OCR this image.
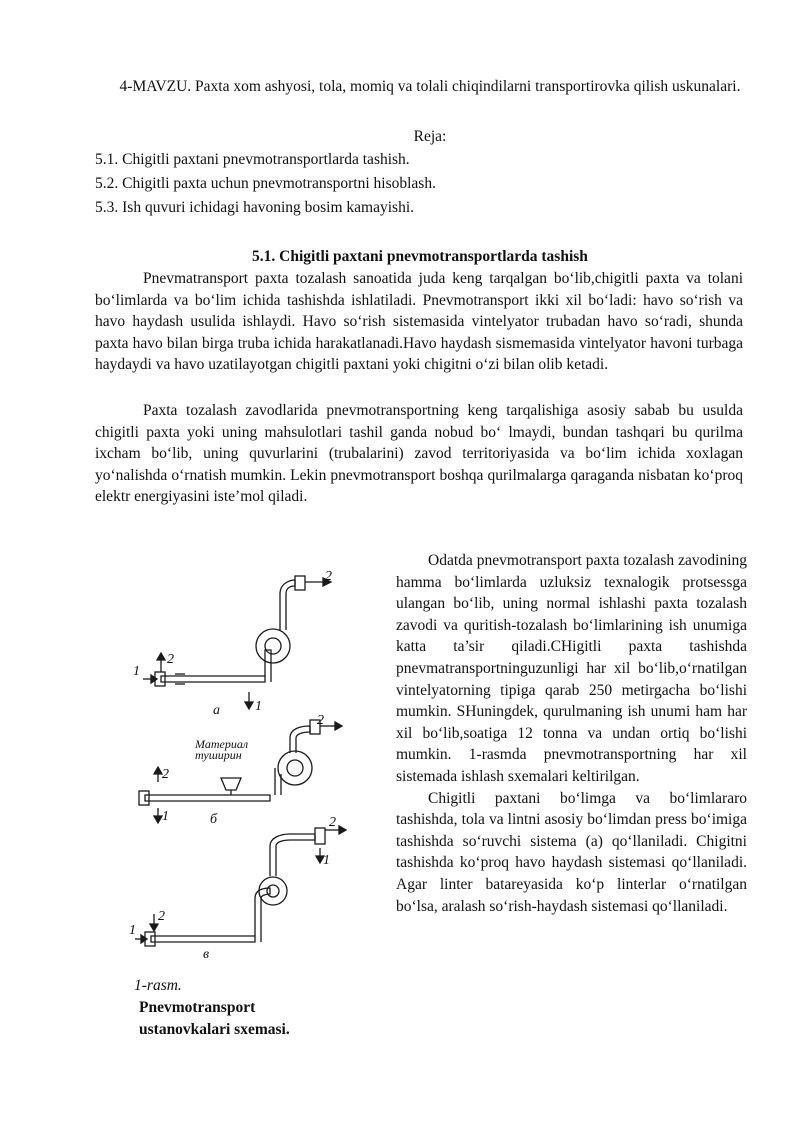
4-MAVZU. Paxta xom ashyosi, tola, momiq va tolali chiqindilarni transportirovka qilish uskunalari.
Reja:
5.1. Chigitli paxtani pnevmotransportlarda tashish.
5.2. Chigitli paxta uchun pnevmotransportni hisoblash.
5.3. Ish quvuri ichidagi havoning bosim kamayishi.
5.1. Chigitli paxtani pnevmotransportlarda tashish
Pnevmatransport paxta tozalash sanoatida juda keng tarqalgan bo‘lib,chigitli paxta va tolani bo‘limlarda va bo‘lim ichida tashishda ishlatiladi. Pnevmotransport ikki xil bo‘ladi: havo so‘rish va havo haydash usulida ishlaydi. Havo so‘rish sistemasida vintelyator trubadan havo so‘radi, shunda paxta havo bilan birga truba ichida harakatlanadi.Havo haydash sismemasida vintelyator havoni turbaga haydaydi va havo uzatilayotgan chigitli paxtani yoki chigitni o‘zi bilan olib ketadi.
Paxta tozalash zavodlarida pnevmotransportning keng tarqalishiga asosiy sabab bu usulda chigitli paxta yoki uning mahsulotlari tashil ganda nobud bo‘ lmaydi, bundan tashqari bu qurilma ixcham bo‘lib, uning quvurlarini (trubalarini) zavod territoriyasida va bo‘lim ichida xoxlagan yo‘nalishda o‘rnatish mumkin. Lekin pnevmotransport boshqa qurilmalarga qaraganda nisbatan ko‘proq elektr energiyasini iste’mol qiladi.

Odatda pnevmotransport paxta tozalash zavodining hamma bo‘limlarda uzluksiz texnalogik protsessga ulangan bo‘lib, uning normal ishlashi paxta tozalash zavodi va quritish-tozalash bo‘limlarining ish unumiga katta ta’sir qiladi.CHigitli paxta tashishda pnevmatransportninguzunligi har xil bo‘lib,o‘rnatilgan vintelyatorning tipiga qarab 250 metirgacha bo‘lishi mumkin. SHuningdek, qurulmaning ish unumi ham har xil bo‘lib,soatiga 12 tonna va undan ortiq bo‘lishi mumkin. 1-rasmda pnevmotransportning har xil sistemada ishlash sxemalari keltirilgan.

Chigitli paxtani bo‘limga va bo‘limlararo tashishda, tola va lintni asosiy bo‘limdan press bo‘imiga tashishda so‘ruvchi sistema (a) qo‘llaniladi. Chigitni tashishda ko‘proq havo haydash sistemasi qo‘llaniladi. Agar linter batareyasida ko‘p linterlar o‘rnatilgan bo‘lsa, aralash so‘rish-haydash sistemasi qo‘llaniladi.

2
1
2
1
а
2
Материал
туширин
2
1	б	2
1
2
1
в
1-rasm.
Pnevmotransport
ustanovkalari sxemasi.
